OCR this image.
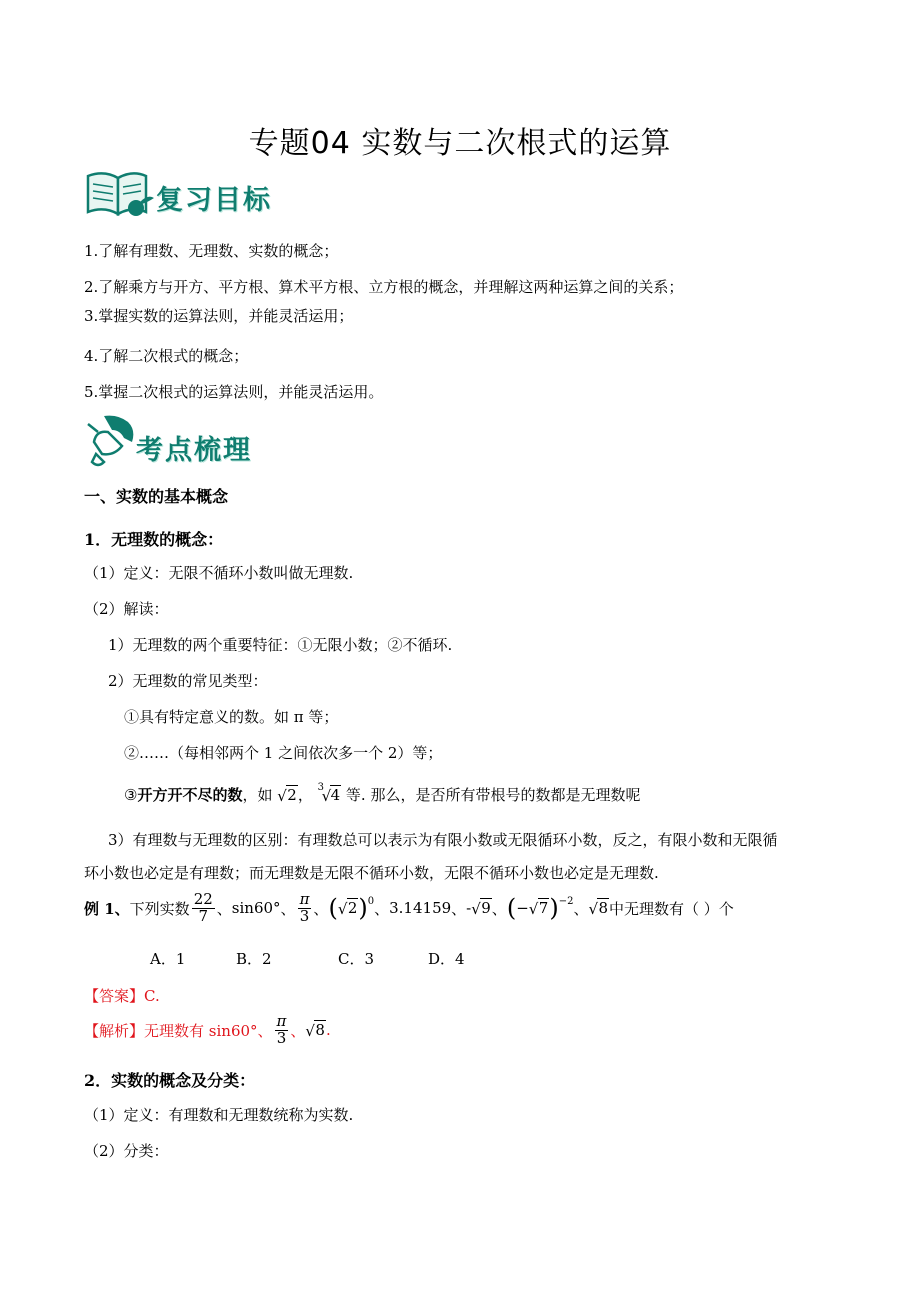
专题04 实数与二次根式的运算
复习目标
1.了解有理数、无理数、实数的概念；
2.了解乘方与开方、平方根、算术平方根、立方根的概念，并理解这两种运算之间的关系；
3.掌握实数的运算法则，并能灵活运用；
4.了解二次根式的概念；
5.掌握二次根式的运算法则，并能灵活运用。
考点梳理
一、实数的基本概念
1．无理数的概念：
（1）定义：无限不循环小数叫做无理数.
（2）解读：
1）无理数的两个重要特征：①无限小数；②不循环.
2）无理数的常见类型：
①具有特定意义的数。如 π 等；
②……（每相邻两个 1 之间依次多一个 2）等；
③开方开不尽的数，如 √ 2， 3
√ 4 等. 那么，是否所有带根号的数都是无理数呢
3）有理数与无理数的区别：有理数总可以表示为有限小数或无限循环小数，反之，有限小数和无限循
环小数也必定是有理数；而无理数是无限不循环小数，无限不循环小数也必定是无理数.
例 1、 下列实数 $\frac{22}{7}$ 、 sin60° 、 $\frac{\pi}{3}$ 、 ( √ 2 )$^0$ 、 3.14159 、 - √ 9 、 ( − √ 7 )$^{-2}$ 、 √ 8 中无理数有（ ）个
A．1	B．2	C．3	D．4
【答案】C.
【解析】 无理数有 sin60°、 $\frac{\pi}{3}$ 、 √ 8 .
2．实数的概念及分类：
（1）定义：有理数和无理数统称为实数.
（2）分类：
